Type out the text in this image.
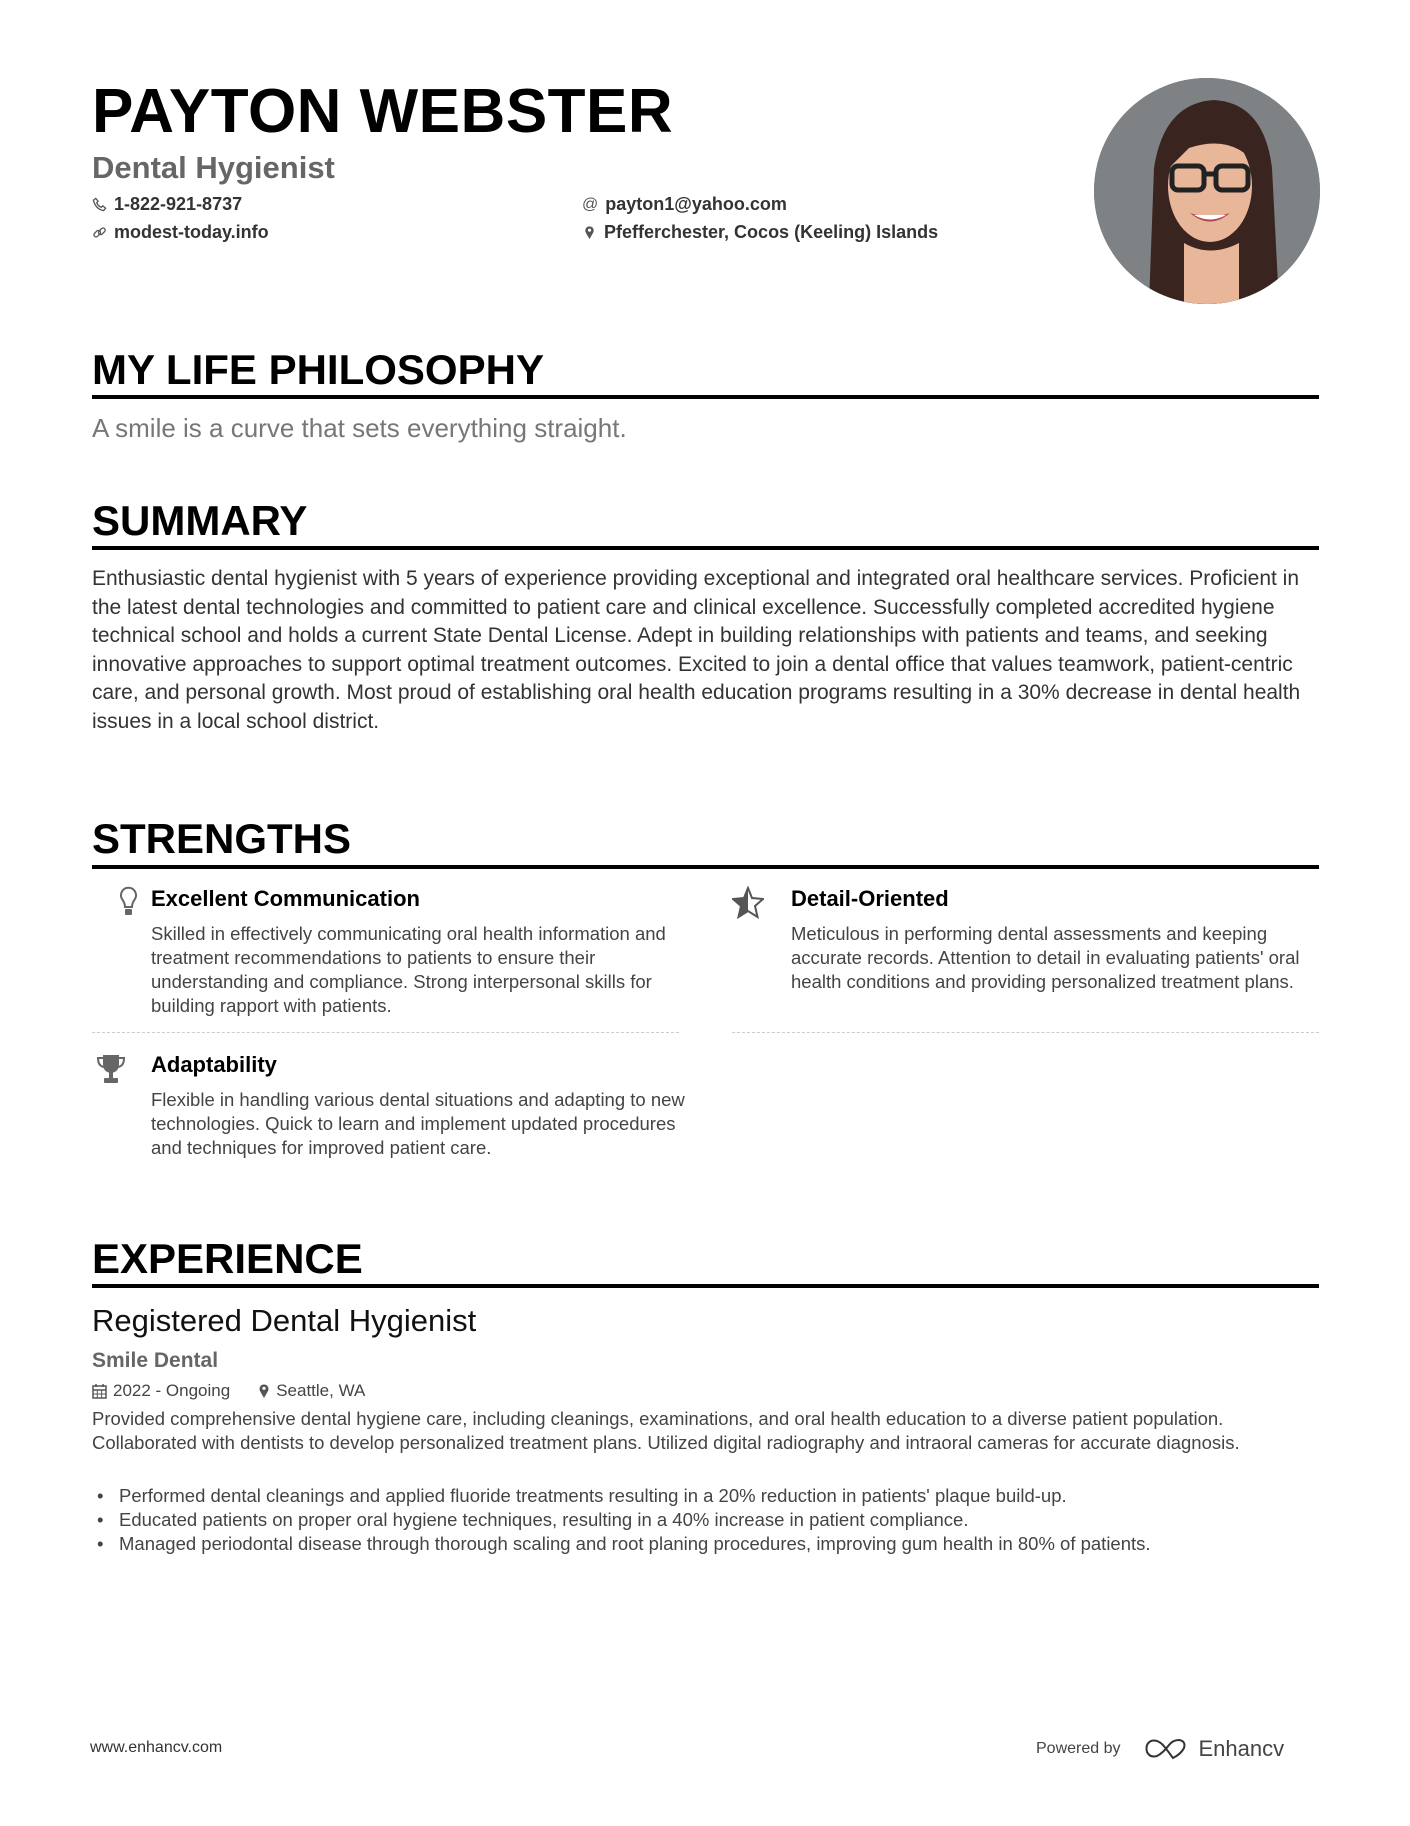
PAYTON WEBSTER
Dental Hygienist
1-822-921-8737	@ payton1@yahoo.com
modest-today.info	Pfefferchester, Cocos (Keeling) Islands
MY LIFE PHILOSOPHY
A smile is a curve that sets everything straight.
SUMMARY
Enthusiastic dental hygienist with 5 years of experience providing exceptional and integrated oral healthcare services. Proficient in the latest dental technologies and committed to patient care and clinical excellence. Successfully completed accredited hygiene technical school and holds a current State Dental License. Adept in building relationships with patients and teams, and seeking innovative approaches to support optimal treatment outcomes. Excited to join a dental office that values teamwork, patient-centric care, and personal growth. Most proud of establishing oral health education programs resulting in a 30% decrease in dental health issues in a local school district.
STRENGTHS
Excellent Communication
Skilled in effectively communicating oral health information and treatment recommendations to patients to ensure their understanding and compliance. Strong interpersonal skills for building rapport with patients.
Detail-Oriented
Meticulous in performing dental assessments and keeping accurate records. Attention to detail in evaluating patients' oral health conditions and providing personalized treatment plans.
Adaptability
Flexible in handling various dental situations and adapting to new technologies. Quick to learn and implement updated procedures and techniques for improved patient care.
EXPERIENCE
Registered Dental Hygienist
Smile Dental
2022 - Ongoing	Seattle, WA
Provided comprehensive dental hygiene care, including cleanings, examinations, and oral health education to a diverse patient population. Collaborated with dentists to develop personalized treatment plans. Utilized digital radiography and intraoral cameras for accurate diagnosis.
• Performed dental cleanings and applied fluoride treatments resulting in a 20% reduction in patients' plaque build-up.
• Educated patients on proper oral hygiene techniques, resulting in a 40% increase in patient compliance.
• Managed periodontal disease through thorough scaling and root planing procedures, improving gum health in 80% of patients.
www.enhancv.com	Powered by	Enhancv
